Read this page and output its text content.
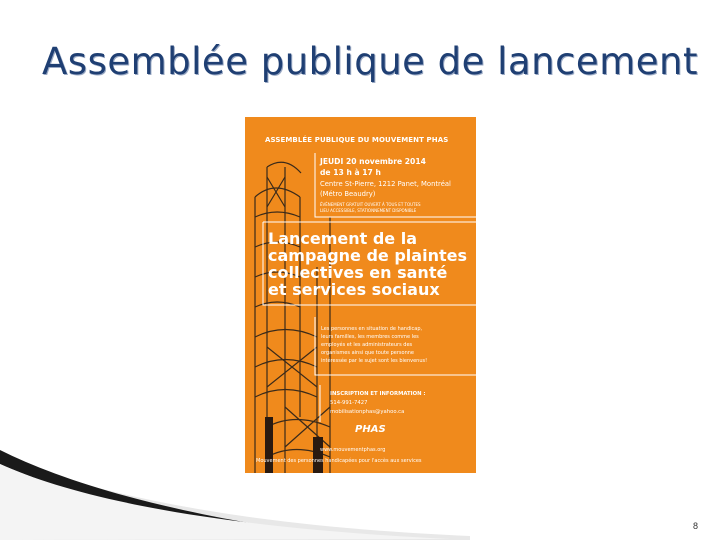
Assemblée publique de lancement
ASSEMBLÉE PUBLIQUE DU MOUVEMENT PHAS
JEUDI 20 novembre 2014
de 13 h à 17 h
Centre St-Pierre, 1212 Panet, Montréal
(Métro Beaudry)
ÉVÉNEMENT GRATUIT OUVERT À TOUS ET TOUTES
LIEU ACCESSIBLE, STATIONNEMENT DISPONIBLE
Lancement de la
campagne de plaintes
collectives en santé
et services sociaux
Les personnes en situation de handicap,
leurs familles, les membres comme les
employés et les administrateurs des
organismes ainsi que toute personne
intéressée par le sujet sont les bienvenus!
INSCRIPTION ET INFORMATION :
514-991-7427
mobilisationphas@yahoo.ca
PHAS
www.mouvementphas.org
Mouvement des personnes handicapées pour l'accès aux services
8
